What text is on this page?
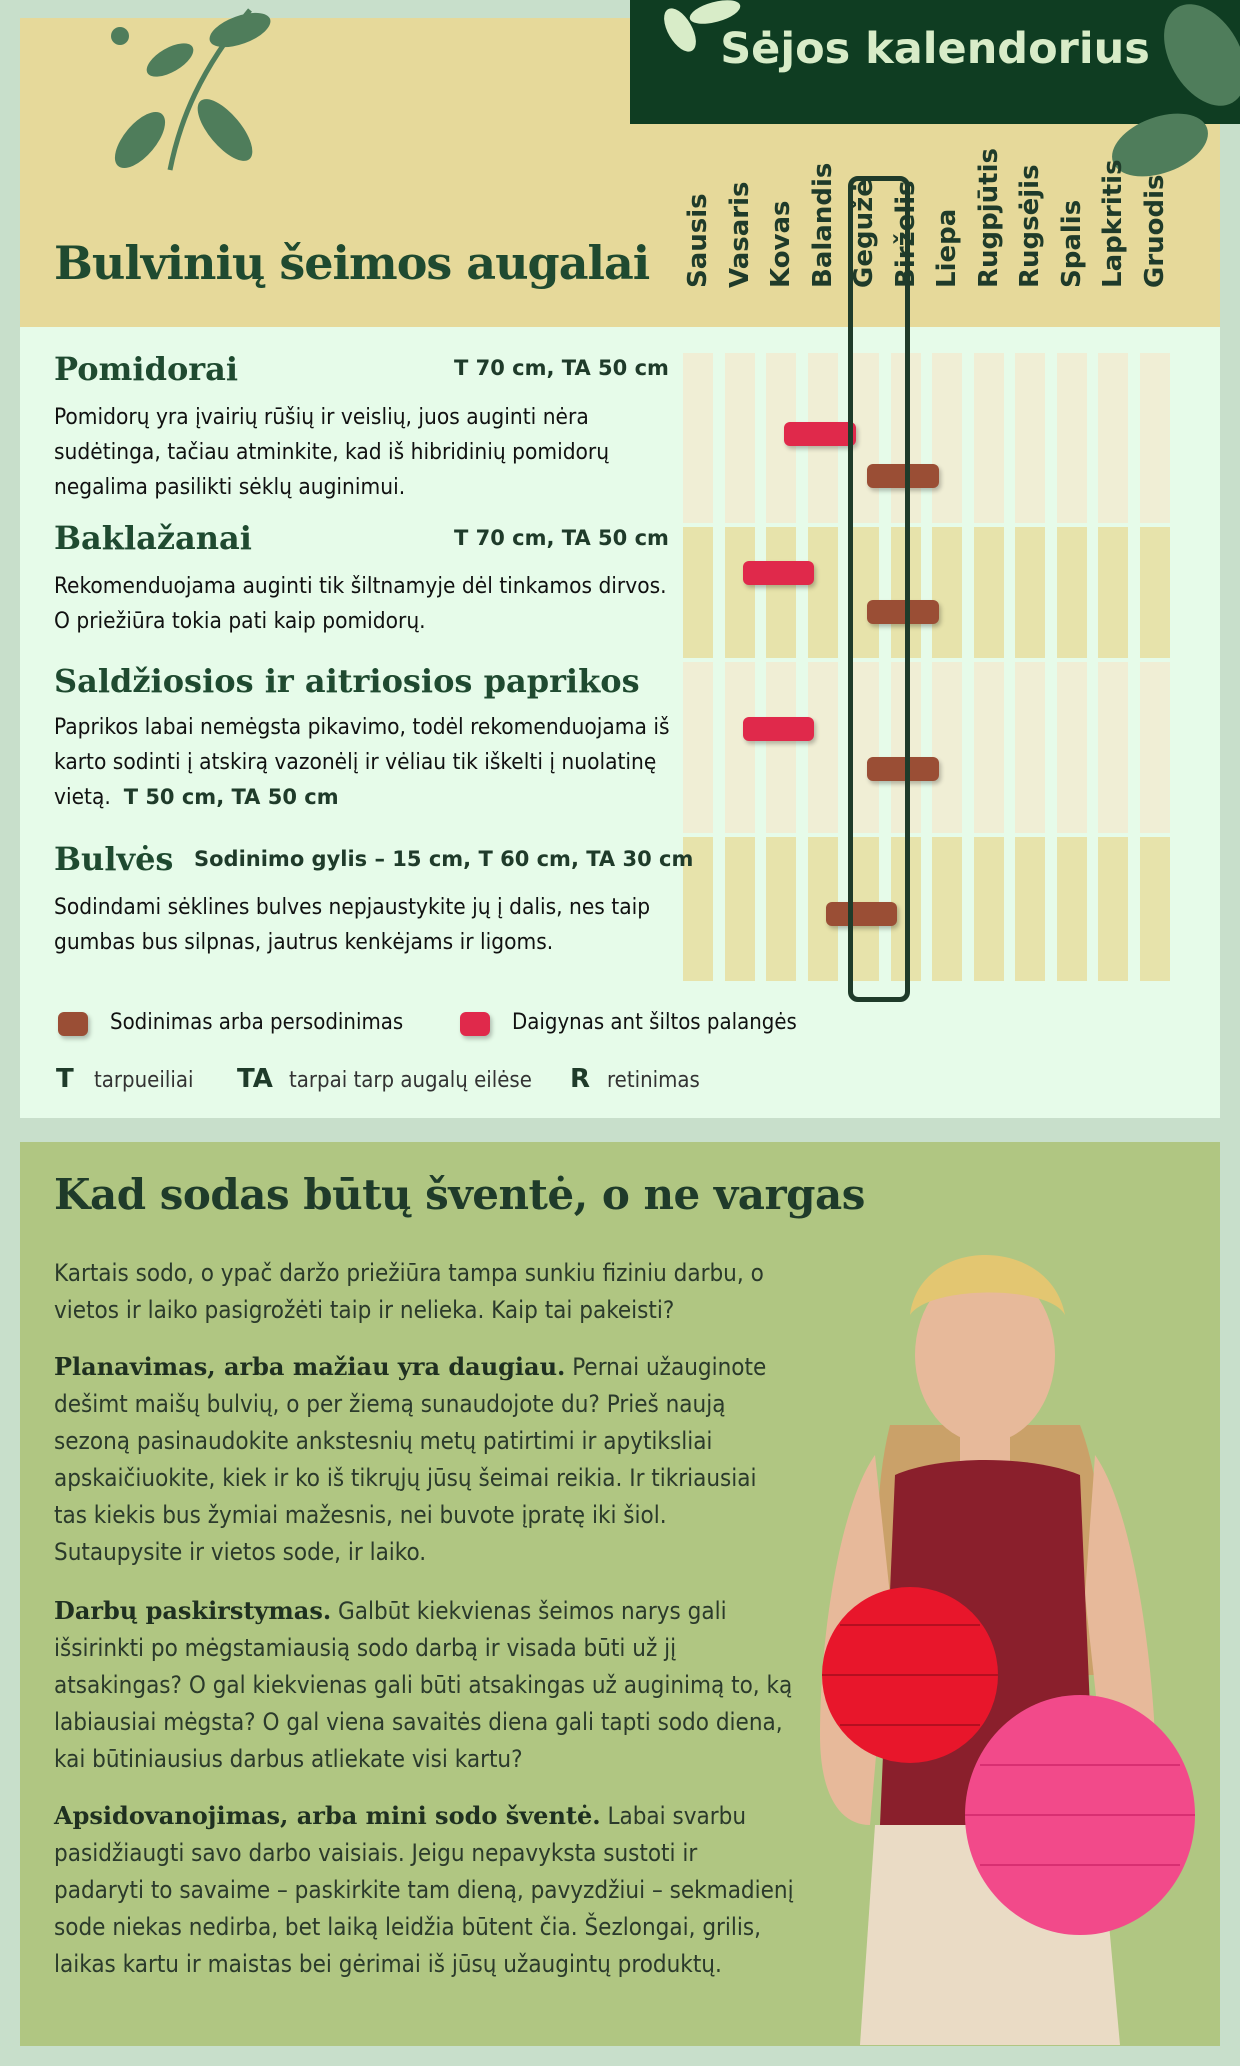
Sėjos kalendorius
Bulvinių šeimos augalai Sausis Vasaris Kovas Balandis Gegužė Birželis Liepa Rugpjūtis Rugsėjis Spalis Lapkritis Gruodis
Pomidorai	T 70 cm, TA 50 cm
Pomidorų yra įvairių rūšių ir veislių, juos auginti nėra sudėtinga, tačiau atminkite, kad iš hibridinių pomidorų negalima pasilikti sėklų auginimui.
Baklažanai	T 70 cm, TA 50 cm
Rekomenduojama auginti tik šiltnamyje dėl tinkamos dirvos. O priežiūra tokia pati kaip pomidorų.
Saldžiosios ir aitriosios paprikos
Paprikos labai nemėgsta pikavimo, todėl rekomenduojama iš karto sodinti į atskirą vazonėlį ir vėliau tik iškelti į nuolatinę vietą. T 50 cm, TA 50 cm
Bulvės Sodinimo gylis – 15 cm, T 60 cm, TA 30 cm
Sodindami sėklines bulves nepjaustykite jų į dalis, nes taip gumbas bus silpnas, jautrus kenkėjams ir ligoms.
Sodinimas arba persodinimas	Daigynas ant šiltos palangės
T tarpueiliai TA tarpai tarp augalų eilėse R retinimas
Kad sodas būtų šventė, o ne vargas
Kartais sodo, o ypač daržo priežiūra tampa sunkiu fiziniu darbu, o vietos ir laiko pasigrožėti taip ir nelieka. Kaip tai pakeisti?
Planavimas, arba mažiau yra daugiau. Pernai užauginote dešimt maišų bulvių, o per žiemą sunaudojote du? Prieš naują sezoną pasinaudokite ankstesnių metų patirtimi ir apytiksliai apskaičiuokite, kiek ir ko iš tikrųjų jūsų šeimai reikia. Ir tikriausiai tas kiekis bus žymiai mažesnis, nei buvote įpratę iki šiol. Sutaupysite ir vietos sode, ir laiko.
Darbų paskirstymas. Galbūt kiekvienas šeimos narys gali išsirinkti po mėgstamiausią sodo darbą ir visada būti už jį atsakingas? O gal kiekvienas gali būti atsakingas už auginimą to, ką labiausiai mėgsta? O gal viena savaitės diena gali tapti sodo diena, kai būtiniausius darbus atliekate visi kartu?
Apsidovanojimas, arba mini sodo šventė. Labai svarbu pasidžiaugti savo darbo vaisiais. Jeigu nepavyksta sustoti ir padaryti to savaime – paskirkite tam dieną, pavyzdžiui – sekmadienį sode niekas nedirba, bet laiką leidžia būtent čia. Šezlongai, grilis, laikas kartu ir maistas bei gėrimai iš jūsų užaugintų produktų.
